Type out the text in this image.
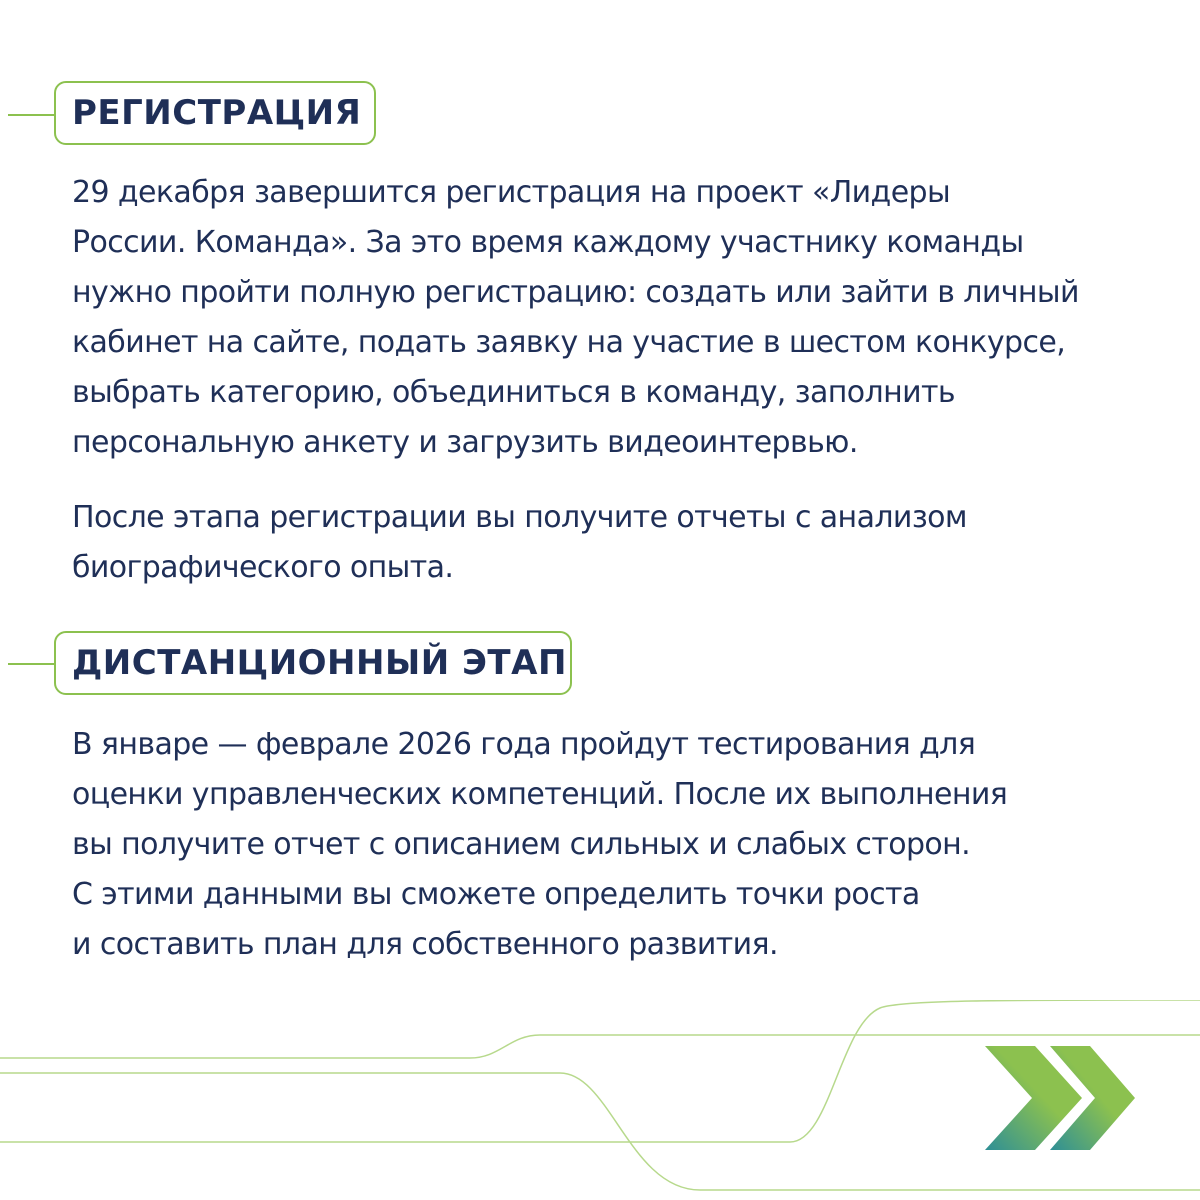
РЕГИСТРАЦИЯ

29 декабря завершится регистрация на проект «Лидеры
России. Команда». За это время каждому участнику команды
нужно пройти полную регистрацию: создать или зайти в личный
кабинет на сайте, подать заявку на участие в шестом конкурсе,
выбрать категорию, объединиться в команду, заполнить
персональную анкету и загрузить видеоинтервью.

После этапа регистрации вы получите отчеты с анализом
биографического опыта.

ДИСТАНЦИОННЫЙ ЭТАП

В январе — феврале 2026 года пройдут тестирования для
оценки управленческих компетенций. После их выполнения
вы получите отчет с описанием сильных и слабых сторон.
С этими данными вы сможете определить точки роста
и составить план для собственного развития.
